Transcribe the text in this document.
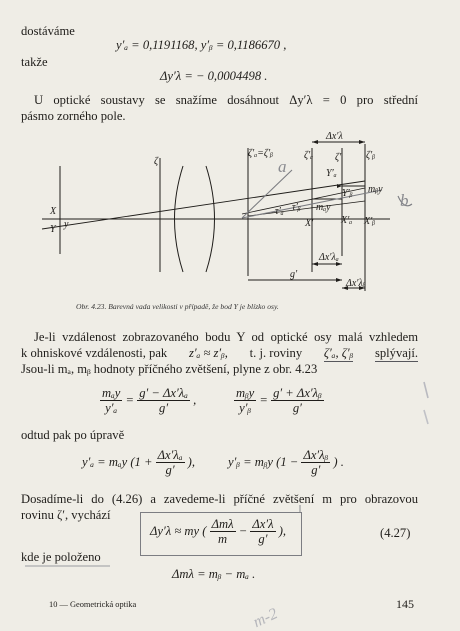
dostáváme
y′ₐ = 0,1191168, y′ᵦ = 0,1186670 ,
takže
Δy′λ = − 0,0004498 .
U optické soustavy se snažíme dosáhnout Δy′λ = 0 pro střední
pásmo zorného pole.
a
b
ζ
ζ′ₐ=ζ′ᵦ	ζ′ₐ ζ′ ζ′ᵦ
Δx′λ
X
Y y
Y′ₐ
Y′ᵦ mᵦy
mₐy
τ′ₐ τ′ᵦ
X′	X′ₐ X′ᵦ
g′
Δx′λₐ
Δx′λᵦ
Obr. 4.23. Barevná vada velikosti v případě, že bod Y je blízko osy.
Je-li vzdálenost zobrazovaného bodu Y od optické osy malá vzhledem
k ohniskové vzdálenosti, pak z′ₐ ≈ z′ᵦ, t. j. roviny ζ′ₐ, ζ′ᵦ splývají.
Jsou-li mₐ, mᵦ hodnoty příčného zvětšení, plyne z obr. 4.23
$\frac{\text{mₐy}}{\text{y′ₐ}} = \frac{\text{g′ − Δx′λₐ}}{g'}$ ,	$\frac{\text{mᵦy}}{\text{y′ᵦ}} = \frac{\text{g′ + Δx′λᵦ}}{g'}$
odtud pak po úpravě
y′ₐ = mₐy ($1 + \frac{\text{Δx′λₐ}}{g'}$ ),	y′ᵦ = mᵦy ($1 - \frac{\text{Δx′λᵦ}}{g'}$ ) .
Dosadíme-li do (4.26) a zavedeme-li příčné zvětšení m pro obrazovou
rovinu ζ′, vychází
Δy′λ ≈ my ( $\frac{\text{Δmλ}}{m} - \frac{\Delta x'\lambda}{g'}$ ),	(4.27)
kde je položeno
Δmλ = mᵦ − mₐ .
10 — Geometrická optika	145
m-2
